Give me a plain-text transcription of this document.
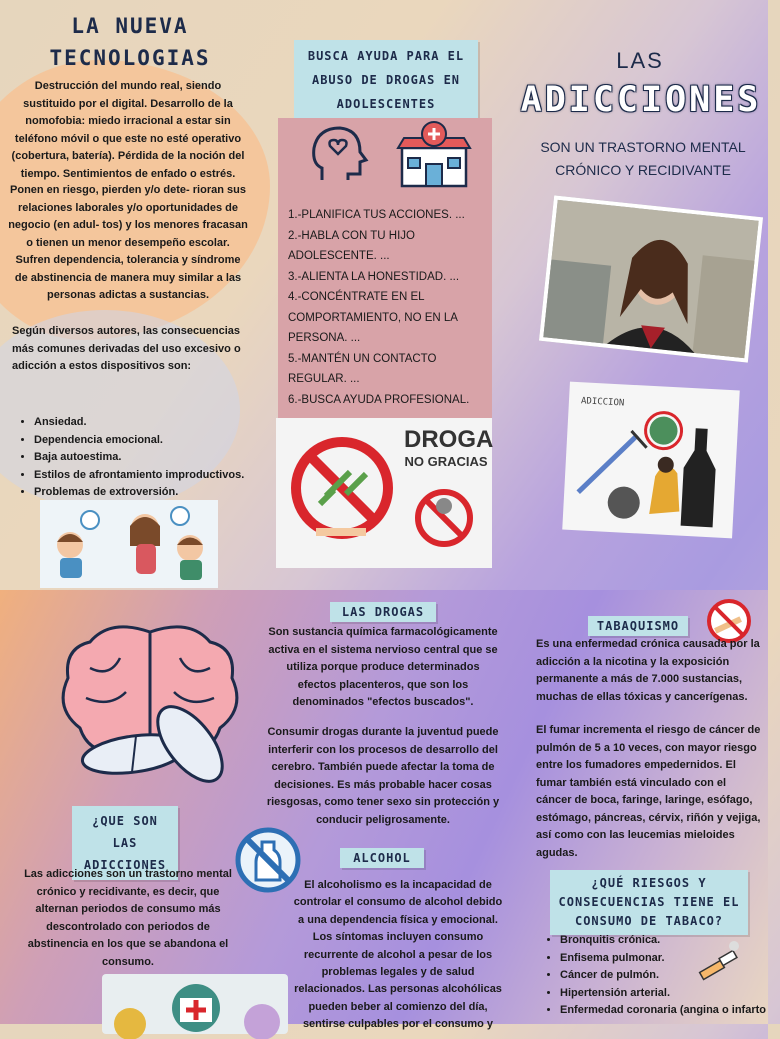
LA NUEVA TECNOLOGIAS
Destrucción del mundo real, siendo sustituido por el digital. Desarrollo de la nomofobia: miedo irracional a estar sin teléfono móvil o que este no esté operativo (cobertura, batería). Pérdida de la noción del tiempo. Sentimientos de enfado o estrés.
Ponen en riesgo, pierden y/o dete- rioran sus relaciones laborales y/o oportunidades de negocio (en adul- tos) y los menores fracasan o tienen un menor desempeño escolar. Sufren dependencia, tolerancia y síndrome de abstinencia de manera muy similar a las personas adictas a sustancias.
Según diversos autores, las consecuencias más comunes derivadas del uso excesivo o adicción a estos dispositivos son:
• Ansiedad.
• Dependencia emocional.
• Baja autoestima.
• Estilos de afrontamiento improductivos.
• Problemas de extroversión.
BUSCA AYUDA PARA EL ABUSO DE DROGAS EN ADOLESCENTES
1.-PLANIFICA TUS ACCIONES. ...
2.-HABLA CON TU HIJO ADOLESCENTE. ...
3.-ALIENTA LA HONESTIDAD. ...
4.-CONCÉNTRATE EN EL COMPORTAMIENTO, NO EN LA PERSONA. ...
5.-MANTÉN UN CONTACTO REGULAR. ...
6.-BUSCA AYUDA PROFESIONAL.
DROGA
NO GRACIAS
LAS
ADICCIONES
SON UN TRASTORNO MENTAL CRÓNICO Y RECIDIVANTE
ADICCION
¿QUE SON LAS ADICCIONES
Las adicciones son un trastorno mental crónico y recidivante, es decir, que alternan periodos de consumo más descontrolado con periodos de abstinencia en los que se abandona el consumo.
LAS DROGAS
Son sustancia química farmacológicamente activa en el sistema nervioso central que se utiliza porque produce determinados efectos placenteros, que son los denominados "efectos buscados".
Consumir drogas durante la juventud puede interferir con los procesos de desarrollo del cerebro. También puede afectar la toma de decisiones. Es más probable hacer cosas riesgosas, como tener sexo sin protección y conducir peligrosamente.
ALCOHOL
El alcoholismo es la incapacidad de controlar el consumo de alcohol debido a una dependencia física y emocional. Los síntomas incluyen consumo recurrente de alcohol a pesar de los problemas legales y de salud relacionados. Las personas alcohólicas pueden beber al comienzo del día, sentirse culpables por el consumo y
TABAQUISMO
Es una enfermedad crónica causada por la adicción a la nicotina y la exposición permanente a más de 7.000 sustancias, muchas de ellas tóxicas y cancerígenas.
El fumar incrementa el riesgo de cáncer de pulmón de 5 a 10 veces, con mayor riesgo entre los fumadores empedernidos. El fumar también está vinculado con el cáncer de boca, faringe, laringe, esófago, estómago, páncreas, cérvix, riñón y vejiga, así como con las leucemias mieloides agudas.
¿QUÉ RIESGOS Y CONSECUENCIAS TIENE EL CONSUMO DE TABACO?
• Bronquitis crónica.
• Enfisema pulmonar.
• Cáncer de pulmón.
• Hipertensión arterial.
• Enfermedad coronaria (angina o infarto
